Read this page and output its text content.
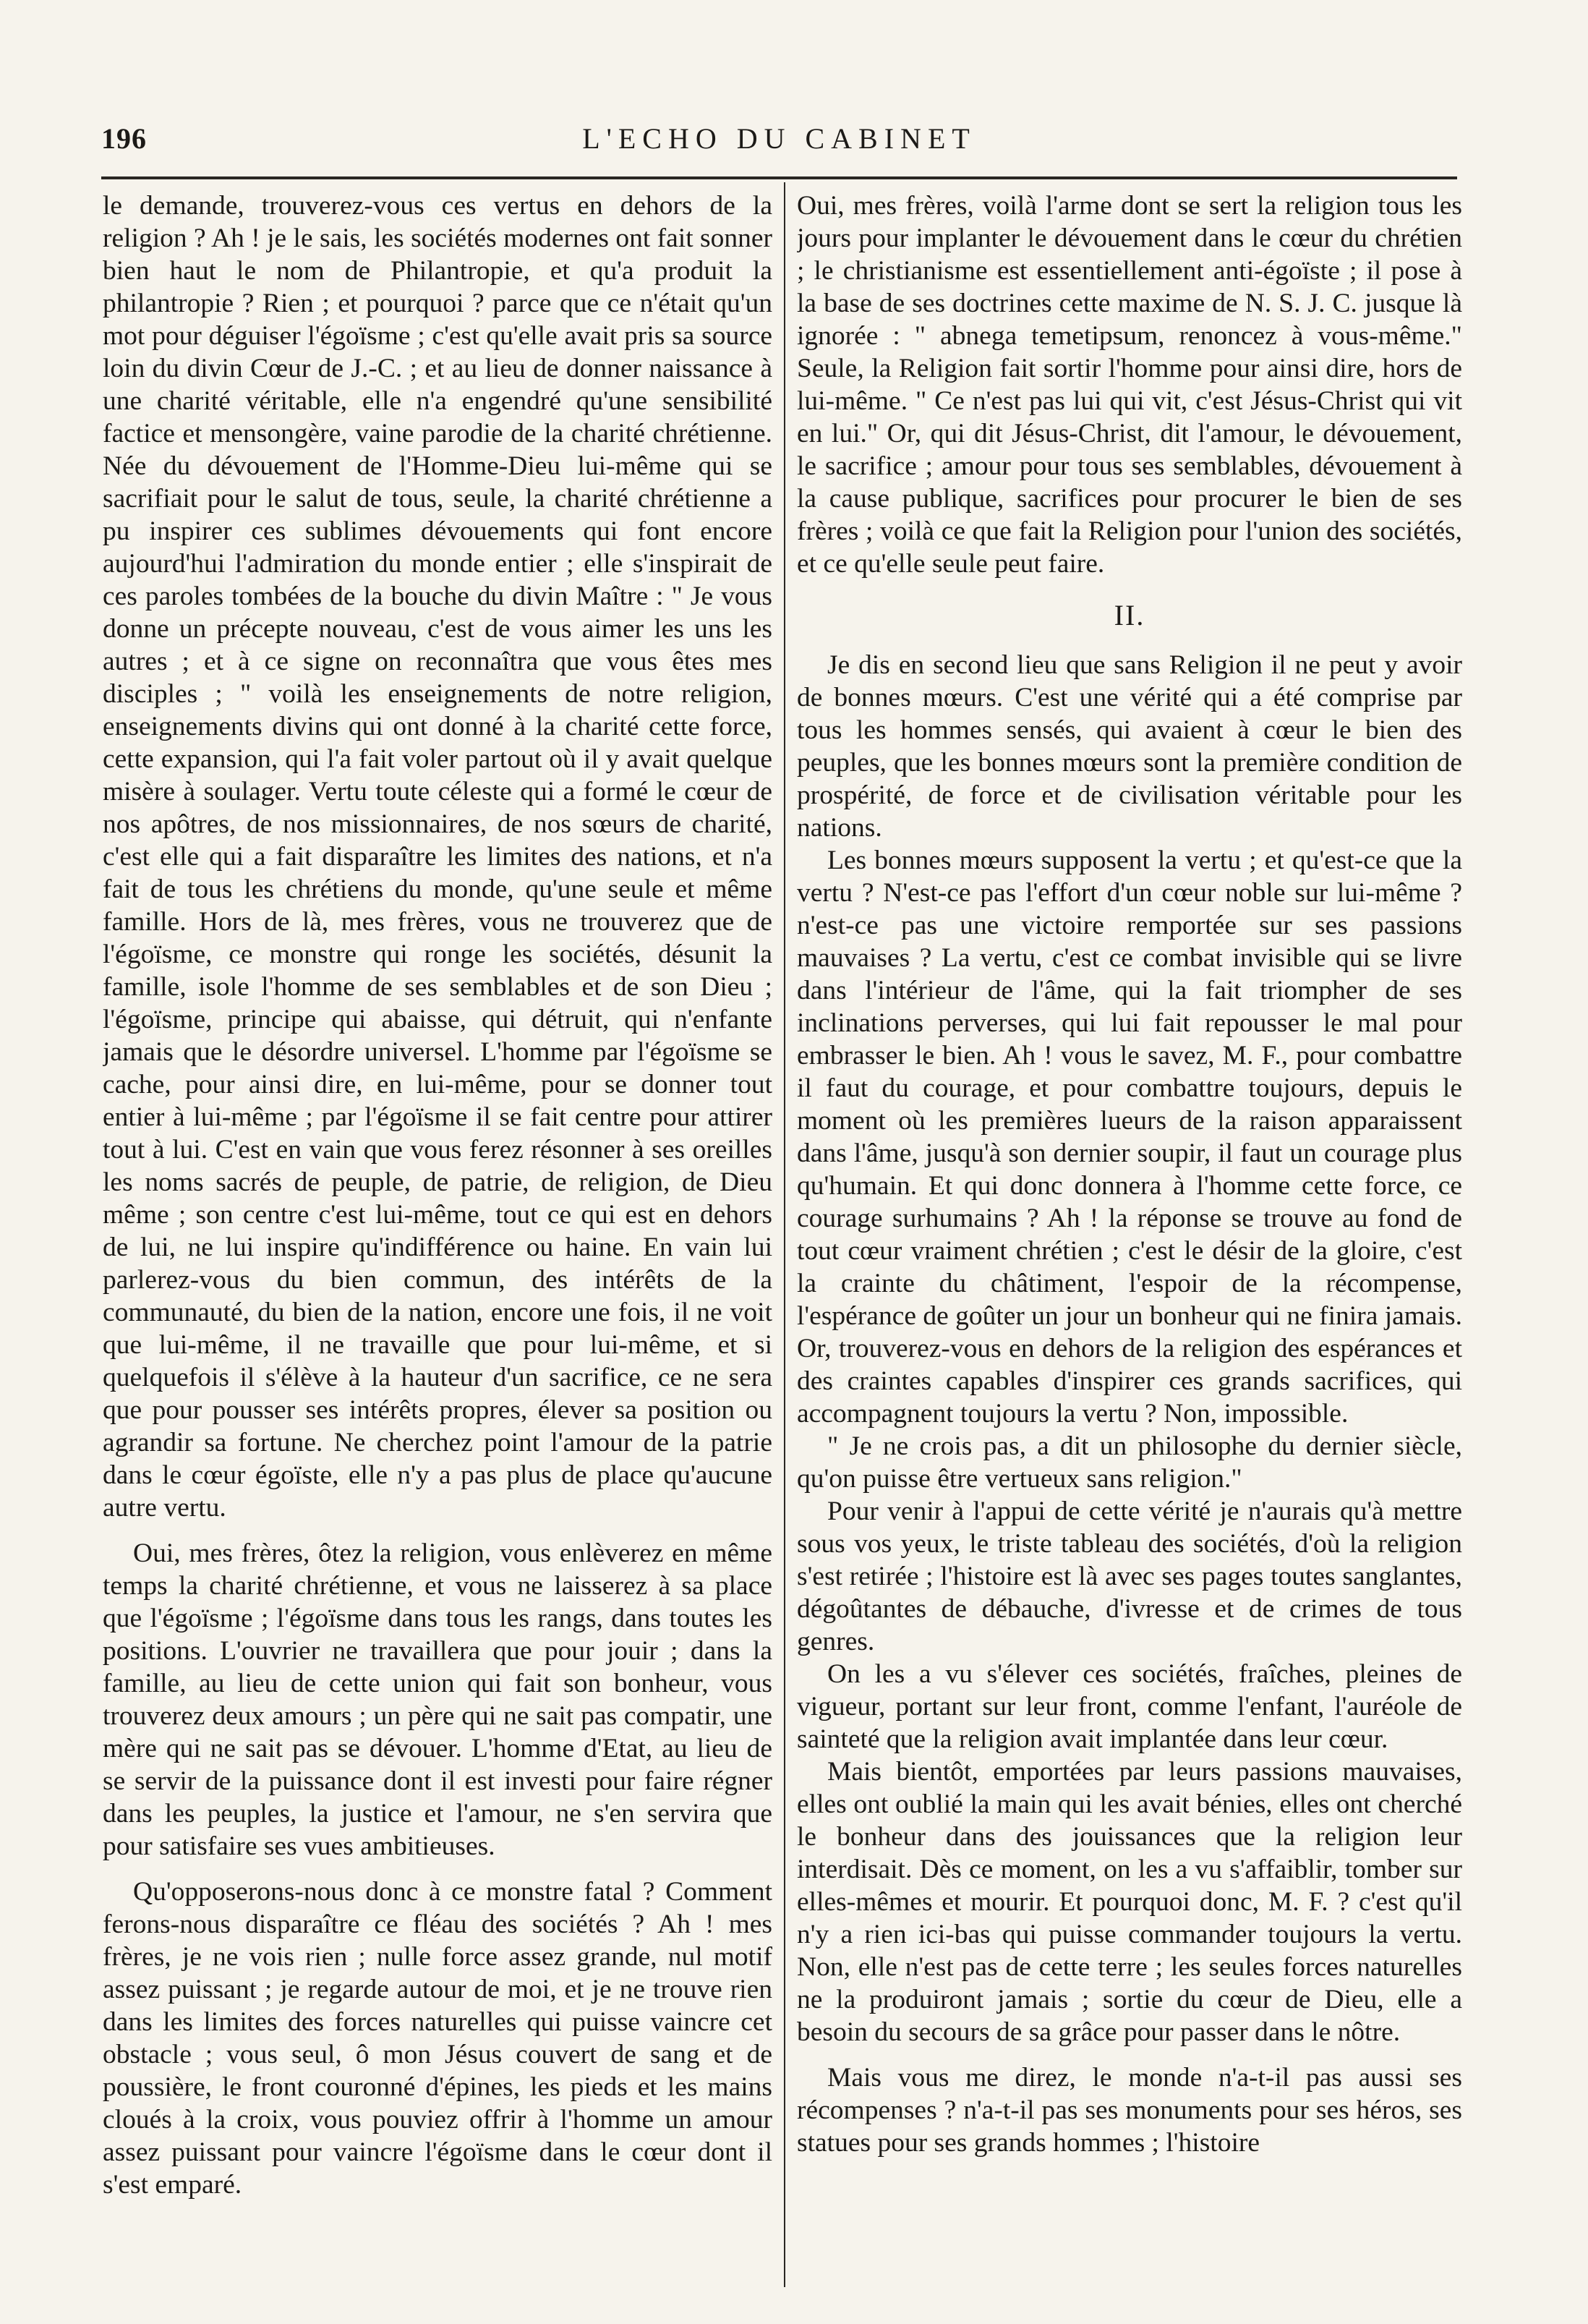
196	L'ECHO DU CABINET

le demande, trouverez-vous ces vertus en dehors de la religion ? Ah ! je le sais, les sociétés modernes ont fait sonner bien haut le nom de Philantropie, et qu'a produit la philantropie ? Rien ; et pourquoi ? parce que ce n'était qu'un mot pour déguiser l'égoïsme ; c'est qu'elle avait pris sa source loin du divin Cœur de J.-C. ; et au lieu de donner naissance à une charité véritable, elle n'a engendré qu'une sensibilité factice et mensongère, vaine parodie de la charité chrétienne. Née du dévouement de l'Homme-Dieu lui-même qui se sacrifiait pour le salut de tous, seule, la charité chrétienne a pu inspirer ces sublimes dévouements qui font encore aujourd'hui l'admiration du monde entier ; elle s'inspirait de ces paroles tombées de la bouche du divin Maître : " Je vous donne un précepte nouveau, c'est de vous aimer les uns les autres ; et à ce signe on reconnaîtra que vous êtes mes disciples ; " voilà les enseignements de notre religion, enseignements divins qui ont donné à la charité cette force, cette expansion, qui l'a fait voler partout où il y avait quelque misère à soulager. Vertu toute céleste qui a formé le cœur de nos apôtres, de nos missionnaires, de nos sœurs de charité, c'est elle qui a fait disparaître les limites des nations, et n'a fait de tous les chrétiens du monde, qu'une seule et même famille. Hors de là, mes frères, vous ne trouverez que de l'égoïsme, ce monstre qui ronge les sociétés, désunit la famille, isole l'homme de ses semblables et de son Dieu ; l'égoïsme, principe qui abaisse, qui détruit, qui n'enfante jamais que le désordre universel. L'homme par l'égoïsme se cache, pour ainsi dire, en lui-même, pour se donner tout entier à lui-même ; par l'égoïsme il se fait centre pour attirer tout à lui. C'est en vain que vous ferez résonner à ses oreilles les noms sacrés de peuple, de patrie, de religion, de Dieu même ; son centre c'est lui-même, tout ce qui est en dehors de lui, ne lui inspire qu'indifférence ou haine. En vain lui parlerez-vous du bien commun, des intérêts de la communauté, du bien de la nation, encore une fois, il ne voit que lui-même, il ne travaille que pour lui-même, et si quelquefois il s'élève à la hauteur d'un sacrifice, ce ne sera que pour pousser ses intérêts propres, élever sa position ou agrandir sa fortune. Ne cherchez point l'amour de la patrie dans le cœur égoïste, elle n'y a pas plus de place qu'aucune autre vertu.

Oui, mes frères, ôtez la religion, vous enlèverez en même temps la charité chrétienne, et vous ne laisserez à sa place que l'égoïsme ; l'égoïsme dans tous les rangs, dans toutes les positions. L'ouvrier ne travaillera que pour jouir ; dans la famille, au lieu de cette union qui fait son bonheur, vous trouverez deux amours ; un père qui ne sait pas compatir, une mère qui ne sait pas se dévouer. L'homme d'Etat, au lieu de se servir de la puissance dont il est investi pour faire régner dans les peuples, la justice et l'amour, ne s'en servira que pour satisfaire ses vues ambitieuses.

Qu'opposerons-nous donc à ce monstre fatal ? Comment ferons-nous disparaître ce fléau des sociétés ? Ah ! mes frères, je ne vois rien ; nulle force assez grande, nul motif assez puissant ; je regarde autour de moi, et je ne trouve rien dans les limites des forces naturelles qui puisse vaincre cet obstacle ; vous seul, ô mon Jésus couvert de sang et de poussière, le front couronné d'épines, les pieds et les mains cloués à la croix, vous pouviez offrir à l'homme un amour assez puissant pour vaincre l'égoïsme dans le cœur dont il s'est emparé.

Oui, mes frères, voilà l'arme dont se sert la religion tous les jours pour implanter le dévouement dans le cœur du chrétien ; le christianisme est essentiellement anti-égoïste ; il pose à la base de ses doctrines cette maxime de N. S. J. C. jusque là ignorée : " abnega temetipsum, renoncez à vous-même." Seule, la Religion fait sortir l'homme pour ainsi dire, hors de lui-même. " Ce n'est pas lui qui vit, c'est Jésus-Christ qui vit en lui." Or, qui dit Jésus-Christ, dit l'amour, le dévouement, le sacrifice ; amour pour tous ses semblables, dévouement à la cause publique, sacrifices pour procurer le bien de ses frères ; voilà ce que fait la Religion pour l'union des sociétés, et ce qu'elle seule peut faire.

II.

Je dis en second lieu que sans Religion il ne peut y avoir de bonnes mœurs. C'est une vérité qui a été comprise par tous les hommes sensés, qui avaient à cœur le bien des peuples, que les bonnes mœurs sont la première condition de prospérité, de force et de civilisation véritable pour les nations.

Les bonnes mœurs supposent la vertu ; et qu'est-ce que la vertu ? N'est-ce pas l'effort d'un cœur noble sur lui-même ? n'est-ce pas une victoire remportée sur ses passions mauvaises ? La vertu, c'est ce combat invisible qui se livre dans l'intérieur de l'âme, qui la fait triompher de ses inclinations perverses, qui lui fait repousser le mal pour embrasser le bien. Ah ! vous le savez, M. F., pour combattre il faut du courage, et pour combattre toujours, depuis le moment où les premières lueurs de la raison apparaissent dans l'âme, jusqu'à son dernier soupir, il faut un courage plus qu'humain. Et qui donc donnera à l'homme cette force, ce courage surhumains ? Ah ! la réponse se trouve au fond de tout cœur vraiment chrétien ; c'est le désir de la gloire, c'est la crainte du châtiment, l'espoir de la récompense, l'espérance de goûter un jour un bonheur qui ne finira jamais. Or, trouverez-vous en dehors de la religion des espérances et des craintes capables d'inspirer ces grands sacrifices, qui accompagnent toujours la vertu ? Non, impossible.

" Je ne crois pas, a dit un philosophe du dernier siècle, qu'on puisse être vertueux sans religion."

Pour venir à l'appui de cette vérité je n'aurais qu'à mettre sous vos yeux, le triste tableau des sociétés, d'où la religion s'est retirée ; l'histoire est là avec ses pages toutes sanglantes, dégoûtantes de débauche, d'ivresse et de crimes de tous genres.

On les a vu s'élever ces sociétés, fraîches, pleines de vigueur, portant sur leur front, comme l'enfant, l'auréole de sainteté que la religion avait implantée dans leur cœur.

Mais bientôt, emportées par leurs passions mauvaises, elles ont oublié la main qui les avait bénies, elles ont cherché le bonheur dans des jouissances que la religion leur interdisait. Dès ce moment, on les a vu s'affaiblir, tomber sur elles-mêmes et mourir. Et pourquoi donc, M. F. ? c'est qu'il n'y a rien ici-bas qui puisse commander toujours la vertu. Non, elle n'est pas de cette terre ; les seules forces naturelles ne la produiront jamais ; sortie du cœur de Dieu, elle a besoin du secours de sa grâce pour passer dans le nôtre.

Mais vous me direz, le monde n'a-t-il pas aussi ses récompenses ? n'a-t-il pas ses monuments pour ses héros, ses statues pour ses grands hommes ; l'histoire
